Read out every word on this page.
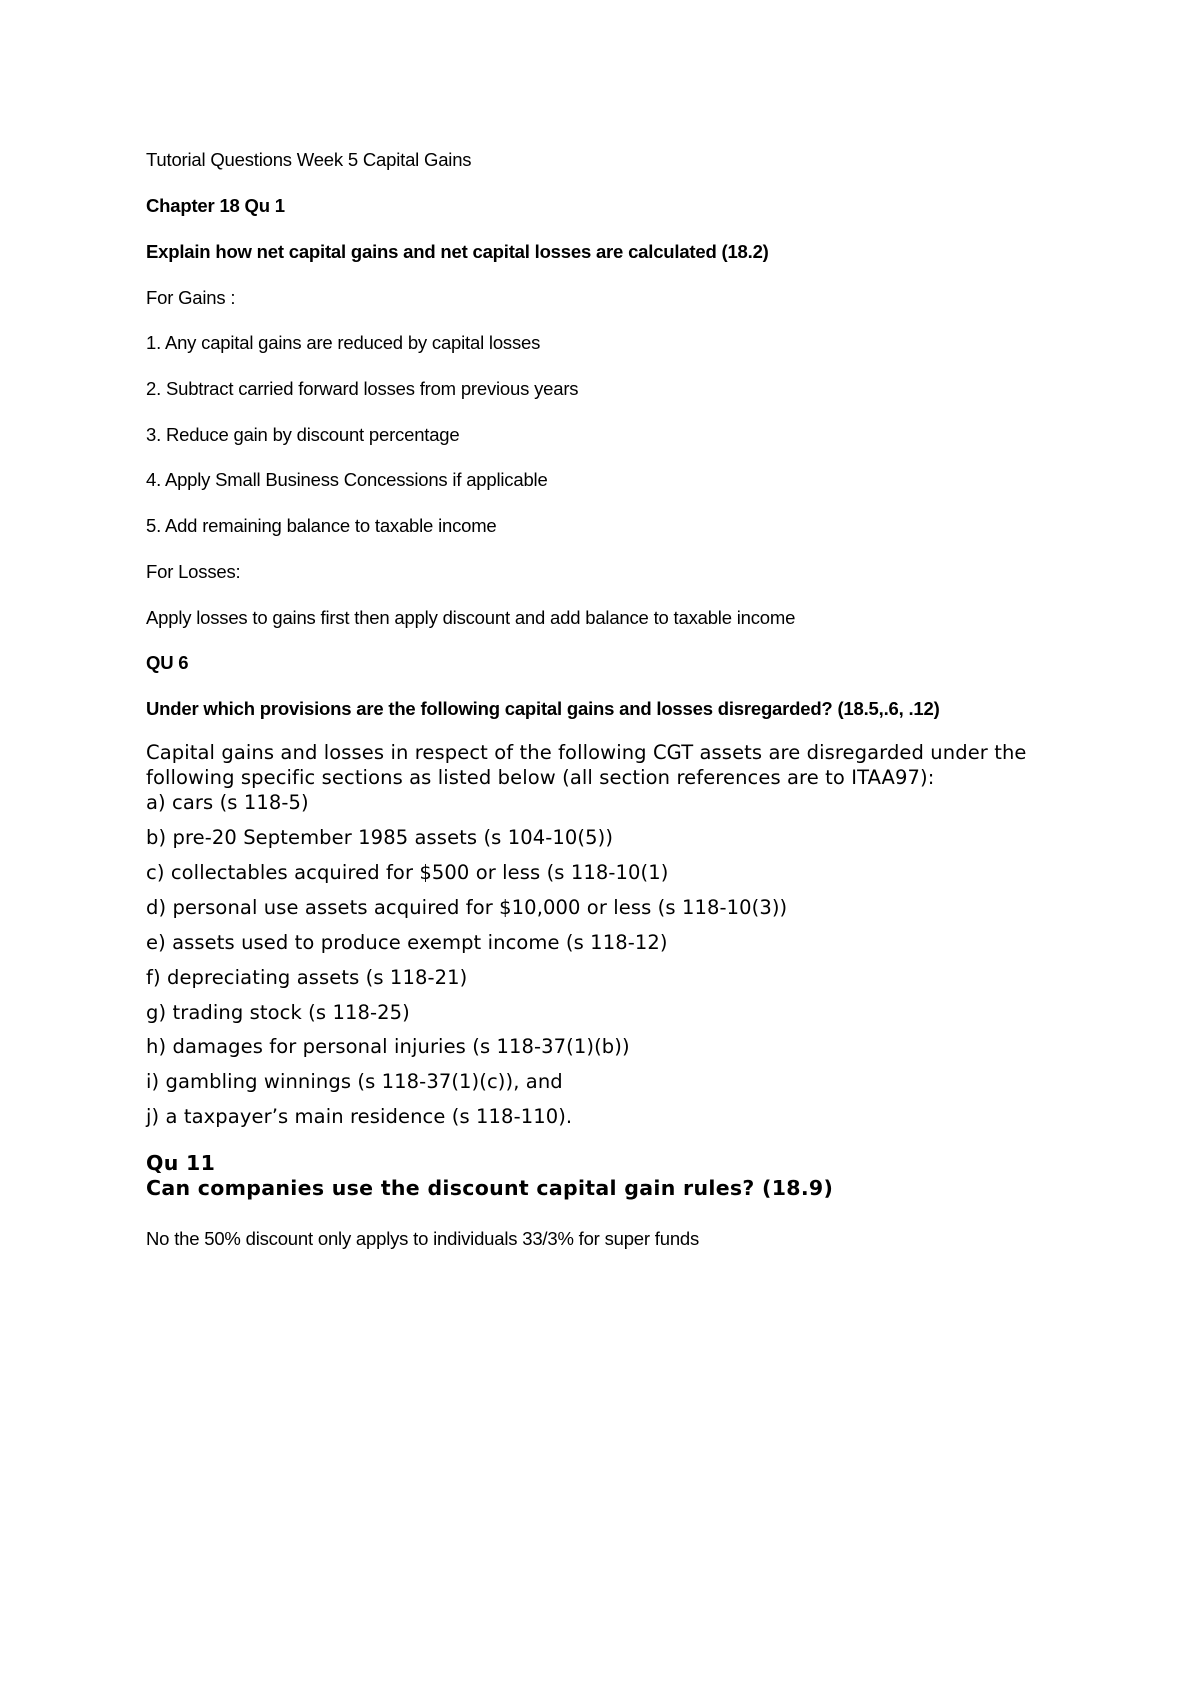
Tutorial Questions Week 5 Capital Gains
Chapter 18 Qu 1
Explain how net capital gains and net capital losses are calculated (18.2)
For Gains :
1. Any capital gains are reduced by capital losses
2. Subtract carried forward losses from previous years
3. Reduce gain by discount percentage
4. Apply Small Business Concessions if applicable
5. Add remaining balance to taxable income
For Losses:
Apply losses to gains first then apply discount and add balance to taxable income
QU 6
Under which provisions are the following capital gains and losses disregarded? (18.5,.6, .12)
Capital gains and losses in respect of the following CGT assets are disregarded under the
following specific sections as listed below (all section references are to ITAA97):
a) cars (s 118-5)
b) pre-20 September 1985 assets (s 104-10(5))
c) collectables acquired for $500 or less (s 118-10(1)
d) personal use assets acquired for $10,000 or less (s 118-10(3))
e) assets used to produce exempt income (s 118-12)
f) depreciating assets (s 118-21)
g) trading stock (s 118-25)
h) damages for personal injuries (s 118-37(1)(b))
i) gambling winnings (s 118-37(1)(c)), and
j) a taxpayer’s main residence (s 118-110).
Qu 11
Can companies use the discount capital gain rules? (18.9)
No the 50% discount only applys to individuals 33/3% for super funds
